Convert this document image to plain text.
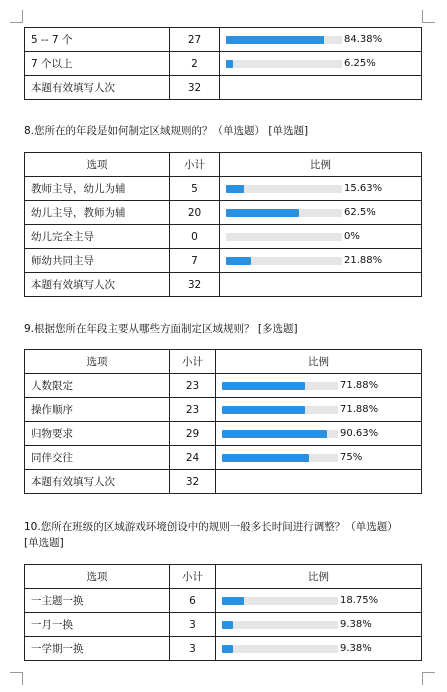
5 -- 7 个	27	84.38%

7 个以上	2	6.25%

本题有效填写人次	32	
8.您所在的年段是如何制定区域规则的？（单选题） [单选题]
选项	小计	比例
教师主导，幼儿为辅	5	15.63%

幼儿主导，教师为辅	20	62.5%

幼儿完全主导	0	0%

师幼共同主导	7	21.88%

本题有效填写人次	32	
9.根据您所在年段主要从哪些方面制定区域规则？ [多选题]
选项	小计	比例
人数限定	23	71.88%

操作顺序	23	71.88%

归物要求	29	90.63%

同伴交往	24	75%

本题有效填写人次	32	
10.您所在班级的区域游戏环境创设中的规则一般多长时间进行调整？（单选题） [单选题]
选项	小计	比例
一主题一换	6	18.75%

一月一换	3	9.38%

一学期一换	3	9.38%
